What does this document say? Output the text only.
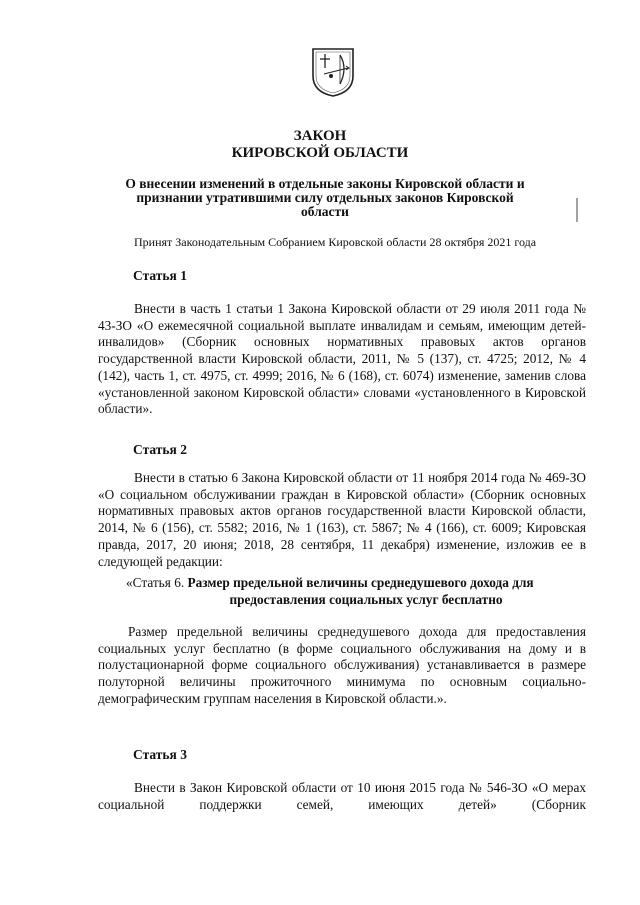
ЗАКОН
КИРОВСКОЙ ОБЛАСТИ
О внесении изменений в отдельные законы Кировской области и признании утратившими силу отдельных законов Кировской области
Принят Законодательным Собранием Кировской области 28 октября 2021 года
Статья 1
Внести в часть 1 статьи 1 Закона Кировской области от 29 июля 2011 года № 43-ЗО «О ежемесячной социальной выплате инвалидам и семьям, имеющим детей-инвалидов» (Сборник основных нормативных правовых актов органов государственной власти Кировской области, 2011, № 5 (137), ст. 4725; 2012, № 4 (142), часть 1, ст. 4975, ст. 4999; 2016, № 6 (168), ст. 6074) изменение, заменив слова «установленной законом Кировской области» словами «установленного в Кировской области».
Статья 2
Внести в статью 6 Закона Кировской области от 11 ноября 2014 года № 469-ЗО «О социальном обслуживании граждан в Кировской области» (Сборник основных нормативных правовых актов органов государственной власти Кировской области, 2014, № 6 (156), ст. 5582; 2016, № 1 (163), ст. 5867; № 4 (166), ст. 6009; Кировская правда, 2017, 20 июня; 2018, 28 сентября, 11 декабря) изменение, изложив ее в следующей редакции:
«Статья 6. Размер предельной величины среднедушевого дохода для
предоставления социальных услуг бесплатно
Размер предельной величины среднедушевого дохода для предоставления социальных услуг бесплатно (в форме социального обслуживания на дому и в полустационарной форме социального обслуживания) устанавливается в размере полуторной величины прожиточного минимума по основным социально-демографическим группам населения в Кировской области.».
Статья 3
Внести в Закон Кировской области от 10 июня 2015 года № 546-ЗО «О мерах социальной поддержки семей, имеющих детей» (Сборник
